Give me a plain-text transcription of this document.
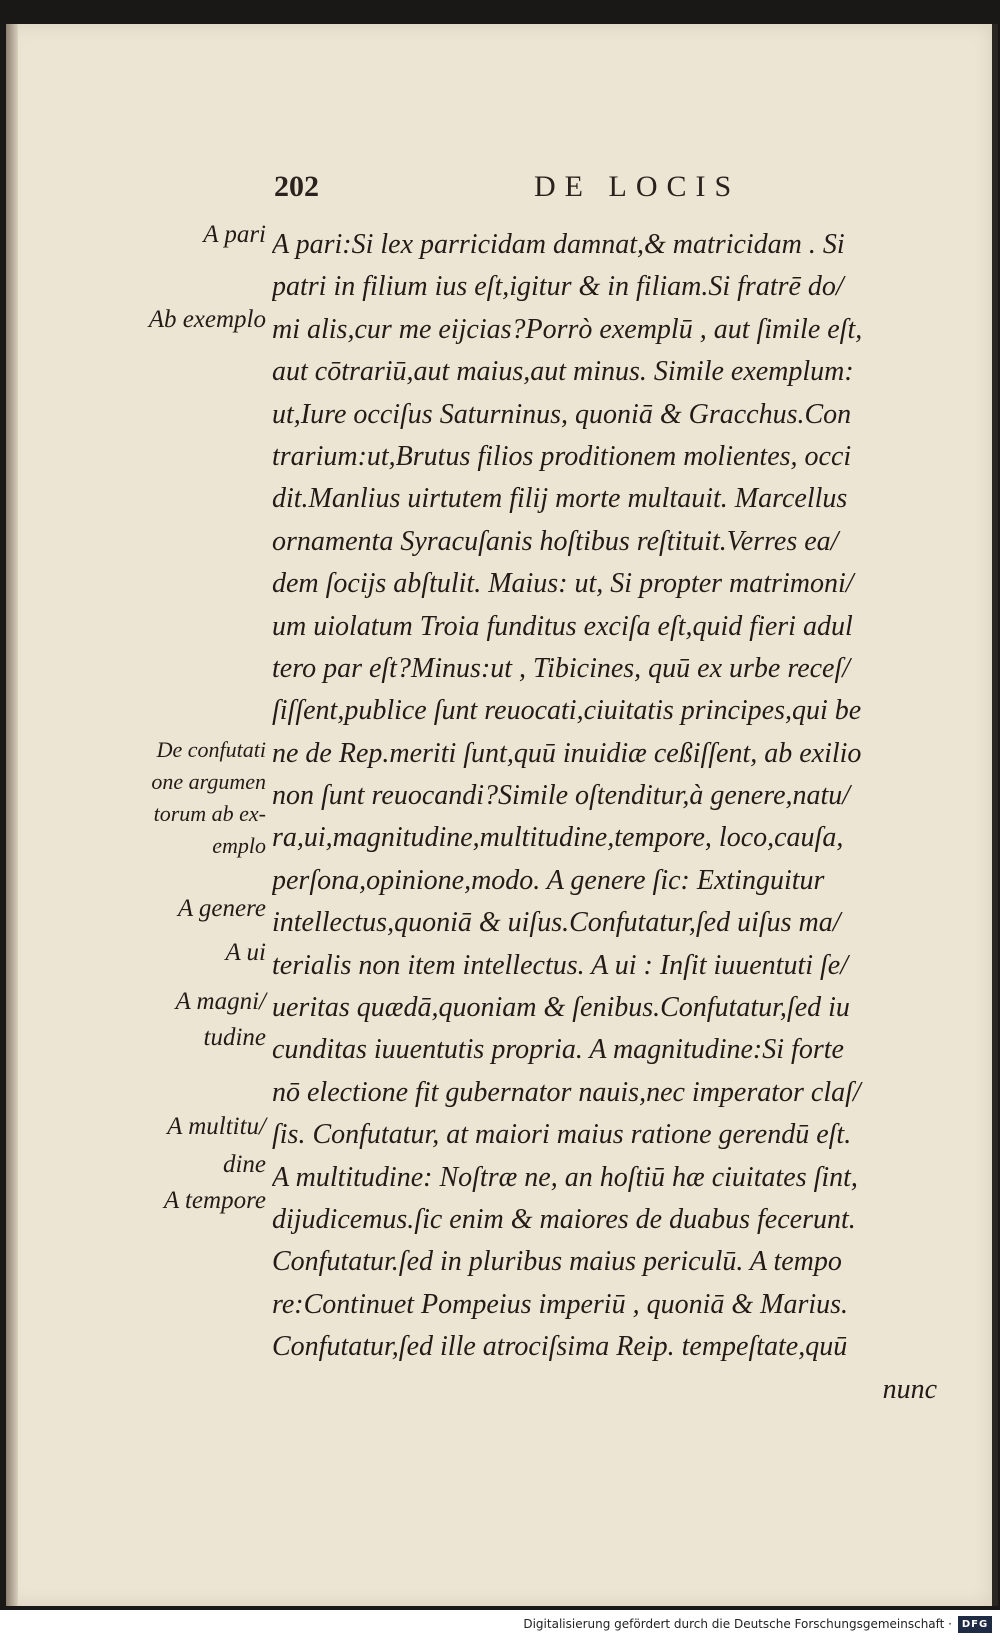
202	DE LOCIS
A pari
Ab exemplo
De confutati
one argumen
torum ab ex-
emplo
A genere
A ui
A magni/
tudine
A multitu/
dine
A tempore
A pari:Si lex parricidam damnat,& matricidam . Si
patri in filium ius eſt,igitur & in filiam.Si fratrē do/
mi alis,cur me eijcias?Porrò exemplū , aut ſimile eſt,
aut cōtrariū,aut maius,aut minus. Simile exemplum:
ut,Iure occiſus Saturninus, quoniā & Gracchus.Con
trarium:ut,Brutus filios proditionem molientes, occi
dit.Manlius uirtutem filij morte multauit. Marcellus
ornamenta Syracuſanis hoſtibus reſtituit.Verres ea/
dem ſocijs abſtulit. Maius: ut, Si propter matrimoni/
um uiolatum Troia funditus exciſa eſt,quid fieri adul
tero par eſt?Minus:ut , Tibicines, quū ex urbe receſ/
ſiſſent,publice ſunt reuocati,ciuitatis principes,qui be
ne de Rep.meriti ſunt,quū inuidiæ ceßiſſent, ab exilio
non ſunt reuocandi?Simile oſtenditur,à genere,natu/
ra,ui,magnitudine,multitudine,tempore, loco,cauſa,
perſona,opinione,modo. A genere ſic: Extinguitur
intellectus,quoniā & uiſus.Confutatur,ſed uiſus ma/
terialis non item intellectus. A ui : Inſit iuuentuti ſe/
ueritas quædā,quoniam & ſenibus.Confutatur,ſed iu
cunditas iuuentutis propria. A magnitudine:Si forte
nō electione fit gubernator nauis,nec imperator claſ/
ſis. Confutatur, at maiori maius ratione gerendū eſt.
A multitudine: Noſtræ ne, an hoſtiū hæ ciuitates ſint,
dijudicemus.ſic enim & maiores de duabus fecerunt.
Confutatur.ſed in pluribus maius periculū. A tempo
re:Continuet Pompeius imperiū , quoniā & Marius.
Confutatur,ſed ille atrociſsima Reip. tempeſtate,quū
nunc
Digitalisierung gefördert durch die Deutsche Forschungsgemeinschaft · DFG
